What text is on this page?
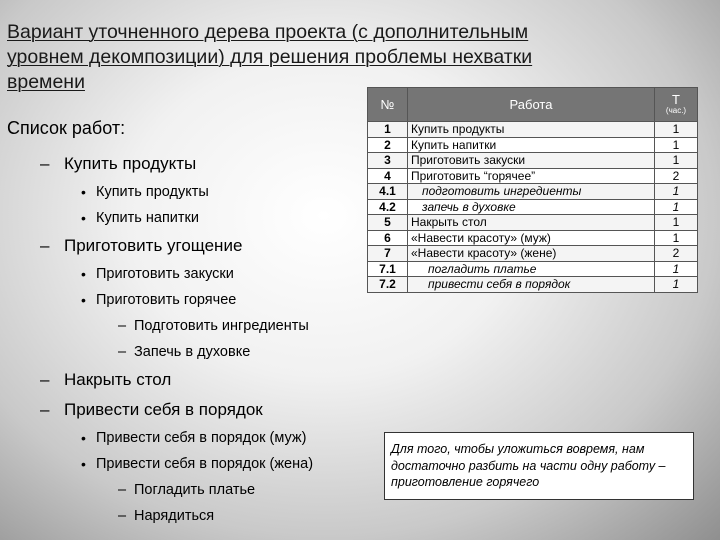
Вариант уточненного дерева проекта (с дополнительным уровнем декомпозиции) для решения проблемы нехватки времени
Список работ:
– Купить продукты
• Купить продукты
• Купить напитки
– Приготовить угощение
• Приготовить закуски
• Приготовить горячее
– Подготовить ингредиенты
– Запечь в духовке
– Накрыть стол
– Привести себя в порядок
• Привести себя в порядок (муж)
• Привести себя в порядок (жена)
– Погладить платье
– Нарядиться
№	Работа	Т
(час.)

1	Купить продукты	1
2	Купить напитки	1
3	Приготовить закуски	1
4	Приготовить “горячее”	2
4.1	подготовить ингредиенты	1
4.2	запечь в духовке	1
5	Накрыть стол	1
6	«Навести красоту» (муж)	1
7	«Навести красоту» (жене)	2
7.1	погладить платье	1
7.2	привести себя в порядок	1
Для того, чтобы уложиться вовремя, нам достаточно разбить на части одну работу – приготовление горячего
